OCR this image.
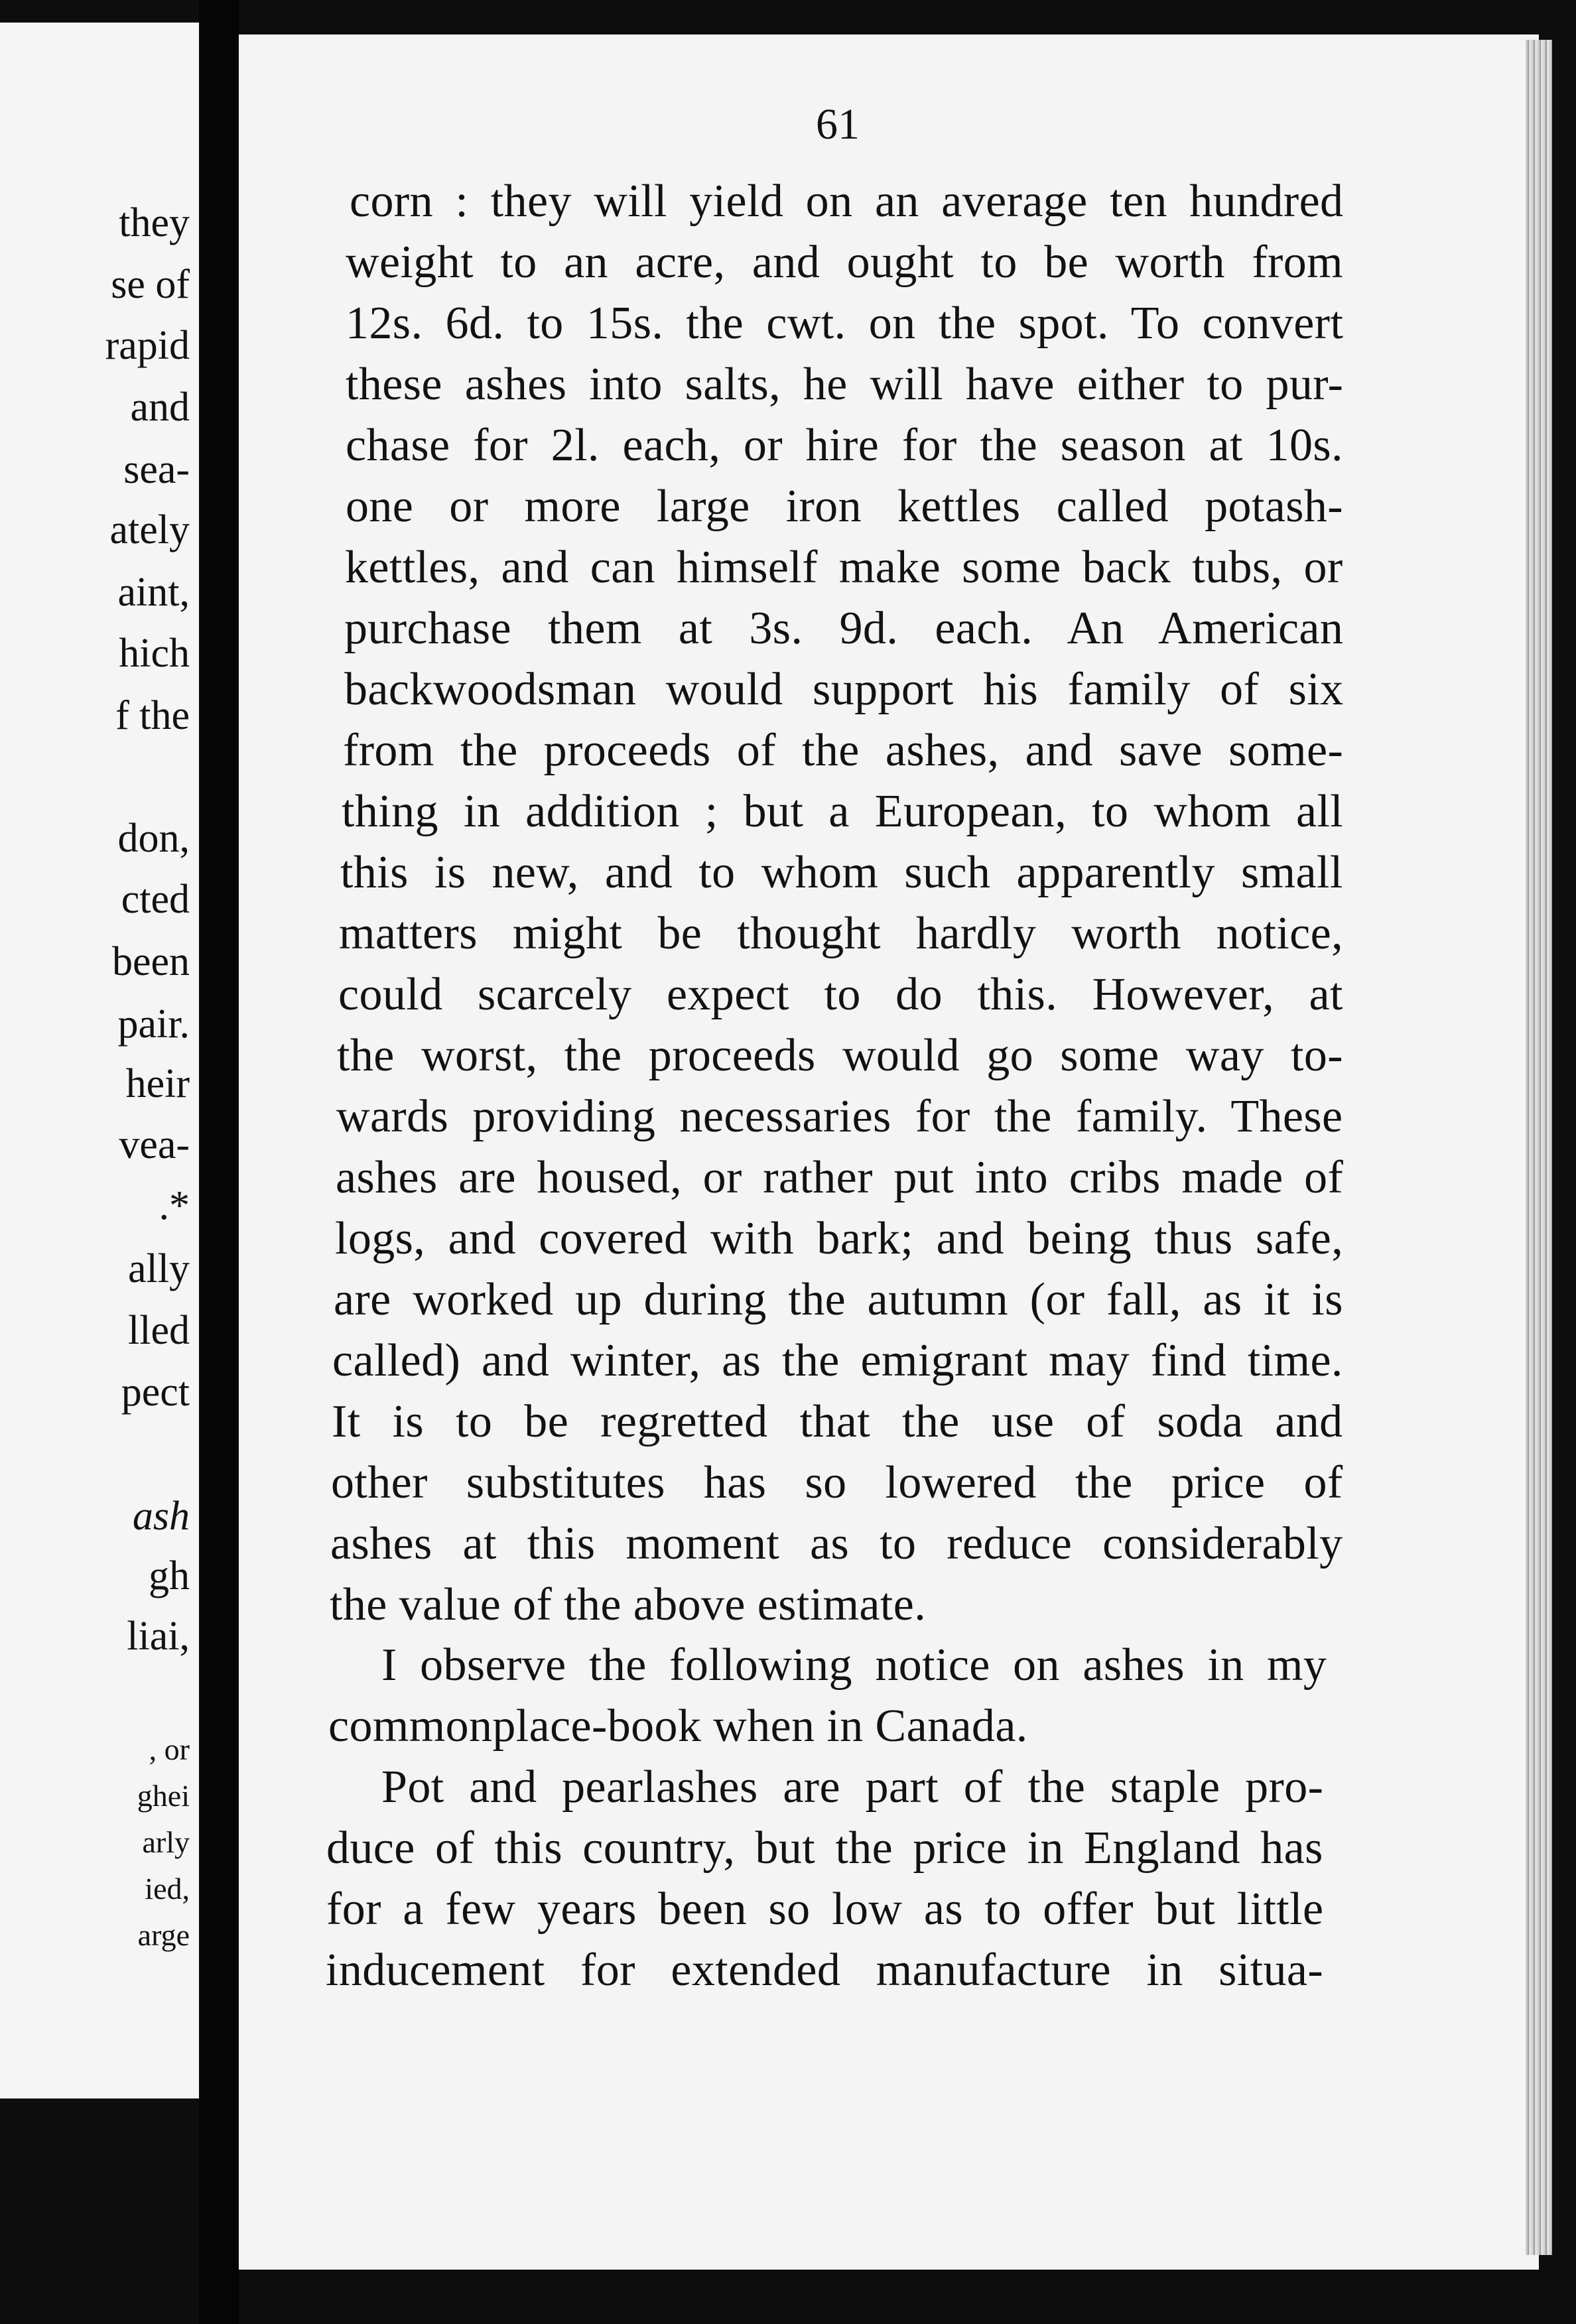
they
se of
rapid
and
sea-
ately
aint,
hich
f the
don,
cted
been
pair.
heir
vea-
.*
ally
lled
pect
ash
gh
liai,
, or
ghei
arly
ied,
arge
61
corn : they will yield on an average ten hundred
weight to an acre, and ought to be worth from
12s. 6d. to 15s. the cwt. on the spot. To convert
these ashes into salts, he will have either to pur-
chase for 2l. each, or hire for the season at 10s.
one or more large iron kettles called potash-
kettles, and can himself make some back tubs, or
purchase them at 3s. 9d. each. An American
backwoodsman would support his family of six
from the proceeds of the ashes, and save some-
thing in addition ; but a European, to whom all
this is new, and to whom such apparently small
matters might be thought hardly worth notice,
could scarcely expect to do this. However, at
the worst, the proceeds would go some way to-
wards providing necessaries for the family. These
ashes are housed, or rather put into cribs made of
logs, and covered with bark; and being thus safe,
are worked up during the autumn (or fall, as it is
called) and winter, as the emigrant may find time.
It is to be regretted that the use of soda and
other substitutes has so lowered the price of
ashes at this moment as to reduce considerably
the value of the above estimate.
I observe the following notice on ashes in my
commonplace-book when in Canada.
Pot and pearlashes are part of the staple pro-
duce of this country, but the price in England has
for a few years been so low as to offer but little
inducement for extended manufacture in situa-
